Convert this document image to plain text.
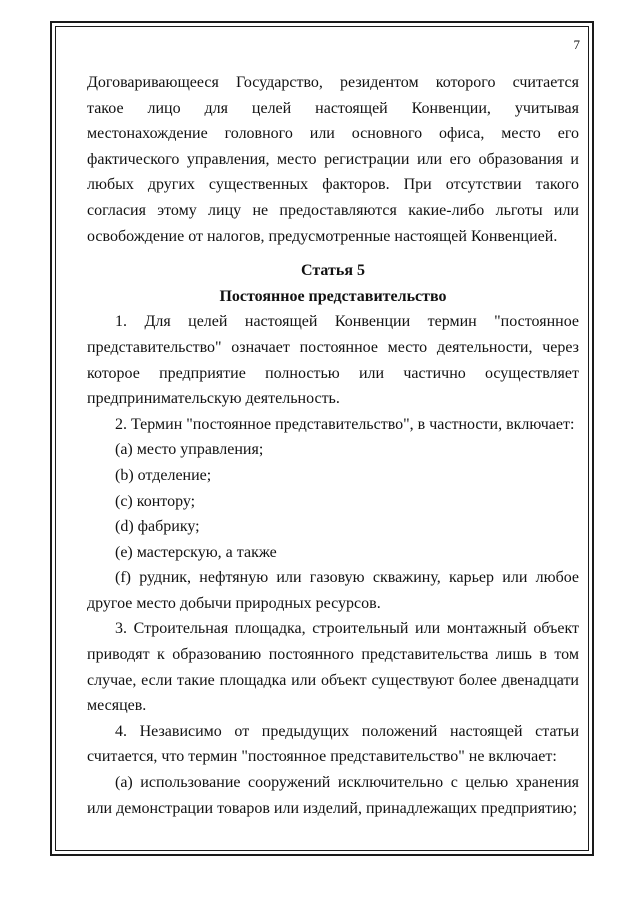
7

Договаривающееся Государство, резидентом которого считается

такое лицо для целей настоящей Конвенции, учитывая местонахождение головного или основного офиса, место его фактического управления, место регистрации или его образования и любых других существенных факторов. При отсутствии такого согласия этому лицу не предоставляются какие-либо льготы или освобождение от налогов, предусмотренные настоящей Конвенцией.

Статья 5

Постоянное представительство

1. Для целей настоящей Конвенции термин "постоянное представительство" означает постоянное место деятельности, через которое предприятие полностью или частично осуществляет предпринимательскую деятельность.

2. Термин "постоянное представительство", в частности, включает:

(a) место управления;

(b) отделение;

(c) контору;

(d) фабрику;

(e) мастерскую, а также

(f) рудник, нефтяную или газовую скважину, карьер или любое другое место добычи природных ресурсов.

3. Строительная площадка, строительный или монтажный объект приводят к образованию постоянного представительства лишь в том случае, если такие площадка или объект существуют более двенадцати месяцев.

4. Независимо от предыдущих положений настоящей статьи считается, что термин "постоянное представительство" не включает:

(a) использование сооружений исключительно с целью хранения или демонстрации товаров или изделий, принадлежащих предприятию;
